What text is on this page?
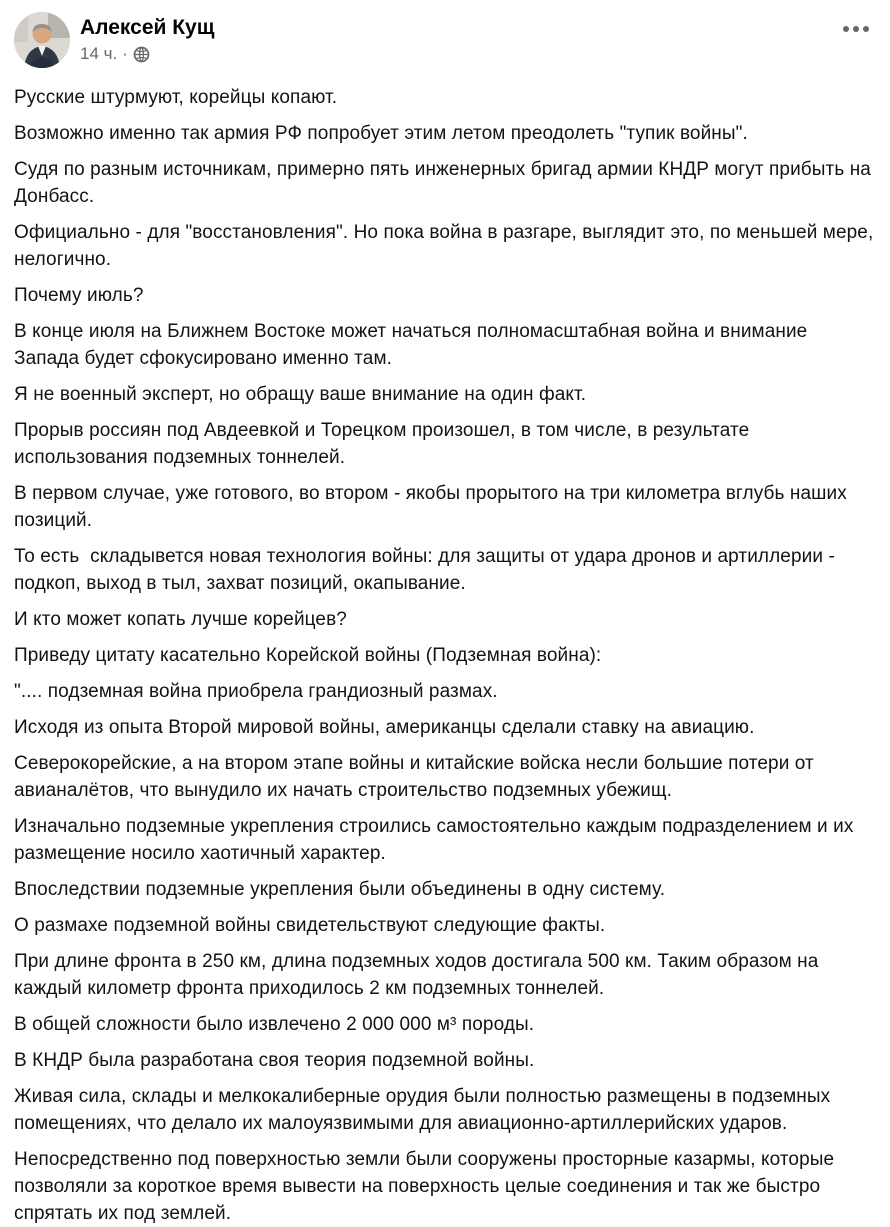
Алексей Кущ
14 ч. ·

Русские штурмуют, корейцы копают.

Возможно именно так армия РФ попробует этим летом преодолеть "тупик войны".

Судя по разным источникам, примерно пять инженерных бригад армии КНДР могут прибыть на Донбасс.

Официально - для "восстановления". Но пока война в разгаре, выглядит это, по меньшей мере, нелогично.

Почему июль?

В конце июля на Ближнем Востоке может начаться полномасштабная война и внимание Запада будет сфокусировано именно там.

Я не военный эксперт, но обращу ваше внимание на один факт.

Прорыв россиян под Авдеевкой и Торецком произошел, в том числе, в результате использования подземных тоннелей.

В первом случае, уже готового, во втором - якобы прорытого на три километра вглубь наших позиций.

То есть  складывется новая технология войны: для защиты от удара дронов и артиллерии - подкоп, выход в тыл, захват позиций, окапывание.

И кто может копать лучше корейцев?

Приведу цитату касательно Корейской войны (Подземная война):

".... подземная война приобрела грандиозный размах.

Исходя из опыта Второй мировой войны, американцы сделали ставку на авиацию.

Северокорейские, а на втором этапе войны и китайские войска несли большие потери от авианалётов, что вынудило их начать строительство подземных убежищ.

Изначально подземные укрепления строились самостоятельно каждым подразделением и их размещение носило хаотичный характер.

Впоследствии подземные укрепления были объединены в одну систему.

О размахе подземной войны свидетельствуют следующие факты.

При длине фронта в 250 км, длина подземных ходов достигала 500 км. Таким образом на каждый километр фронта приходилось 2 км подземных тоннелей.

В общей сложности было извлечено 2 000 000 м³ породы.

В КНДР была разработана своя теория подземной войны.

Живая сила, склады и мелкокалиберные орудия были полностью размещены в подземных помещениях, что делало их малоуязвимыми для авиационно-артиллерийских ударов.

Непосредственно под поверхностью земли были сооружены просторные казармы, которые позволяли за короткое время вывести на поверхность целые соединения и так же быстро спрятать их под землей.
